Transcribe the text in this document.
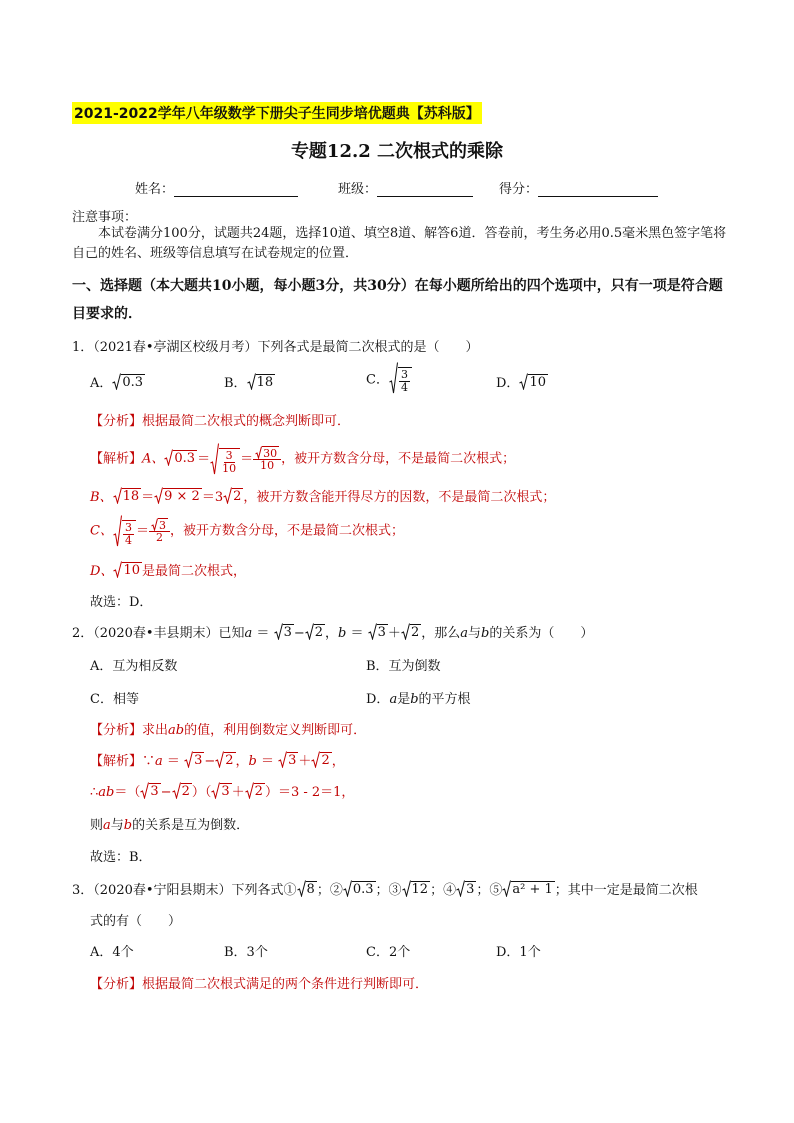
2021-2022学年八年级数学下册尖子生同步培优题典【苏科版】
专题12.2 二次根式的乘除
姓名：	班级：	得分：
注意事项：
本试卷满分100分，试题共24题，选择10道、填空8道、解答6道．答卷前，考生务必用0.5毫米黑色签字笔将自己的姓名、班级等信息填写在试卷规定的位置．
一、选择题（本大题共10小题，每小题3分，共30分）在每小题所给出的四个选项中，只有一项是符合题目要求的．
1．（2021春•亭湖区校级月考）下列各式是最简二次根式的是（　　）
A． 0.3	B． 18	C． $\frac{3}{4}$	D． 10
【分析】根据最简二次根式的概念判断即可．
【解析】A、 $0.3 = \frac{3}{10} = \frac{30}{10}$ ，被开方数含分母，不是最简二次根式；
B、 18 ＝ 9 × 2 ＝3 2 ，被开方数含能开得尽方的因数，不是最简二次根式；
C、 $\frac{3}{4} = \frac{3}{2}$ ，被开方数含分母，不是最简二次根式；
D、 10 是最简二次根式，
故选：D．
2．（2020春•丰县期末）已知a ＝ 3 − 2 ，b ＝ 3 ＋ 2 ，那么a与b的关系为（　　）
A．互为相反数	B．互为倒数
C．相等	D．a是b的平方根
【分析】求出ab的值，利用倒数定义判断即可．
【解析】∵a ＝ 3 − 2 ，b ＝ 3 ＋ 2 ，
∴ab＝（ 3 − 2 ）（ 3 ＋ 2 ）＝3 - 2＝1，
则a与b的关系是互为倒数．
故选：B．
3．（2020春•宁阳县期末）下列各式① 8 ；② 0.3 ；③ 12 ；④ 3 ；⑤ a² + 1 ；其中一定是最简二次根
式的有（　　）
A．4个	B．3个	C．2个	D．1个
【分析】根据最简二次根式满足的两个条件进行判断即可．
